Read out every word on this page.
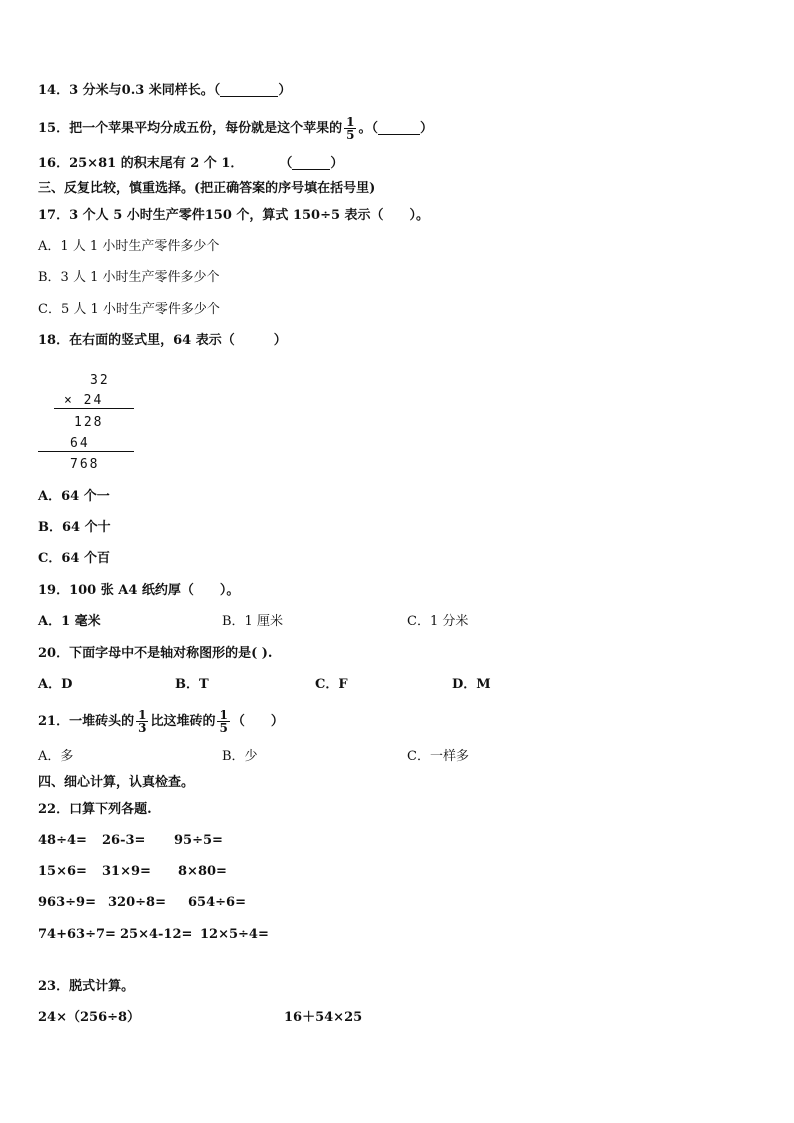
14．3 分米与0.3 米同样长。（	）
15．把一个苹果平均分成五份，每份就是这个苹果的 $\frac{1}{5}$ 。（	）
16．25×81 的积末尾有 2 个 1．	（	）
三、反复比较，慎重选择。(把正确答案的序号填在括号里)
17．3 个人 5 小时生产零件150 个，算式 150÷5 表示（　　）。
A．1 人 1 小时生产零件多少个
B．3 人 1 小时生产零件多少个
C．5 人 1 小时生产零件多少个
18．在右面的竖式里，64 表示（　　　）
32
× 24
128
64
768
A．64 个一
B．64 个十
C．64 个百
19．100 张 A4 纸约厚（　　）。
A．1 毫米	B．1 厘米	C．1 分米
20．下面字母中不是轴对称图形的是( ).
A．D	B．T	C．F	D．M
21．一堆砖头的 $\frac{1}{3}$ 比这堆砖的 $\frac{1}{5}$ （　　）
A．多	B．少	C．一样多
四、细心计算，认真检查。
22．口算下列各题.
48÷4= 26-3= 95÷5=
15×6= 31×9= 8×80=
963÷9= 320÷8= 654÷6=
74+63÷7= 25×4-12= 12×5÷4=
23．脱式计算。
24×（256÷8）	16＋54×25
